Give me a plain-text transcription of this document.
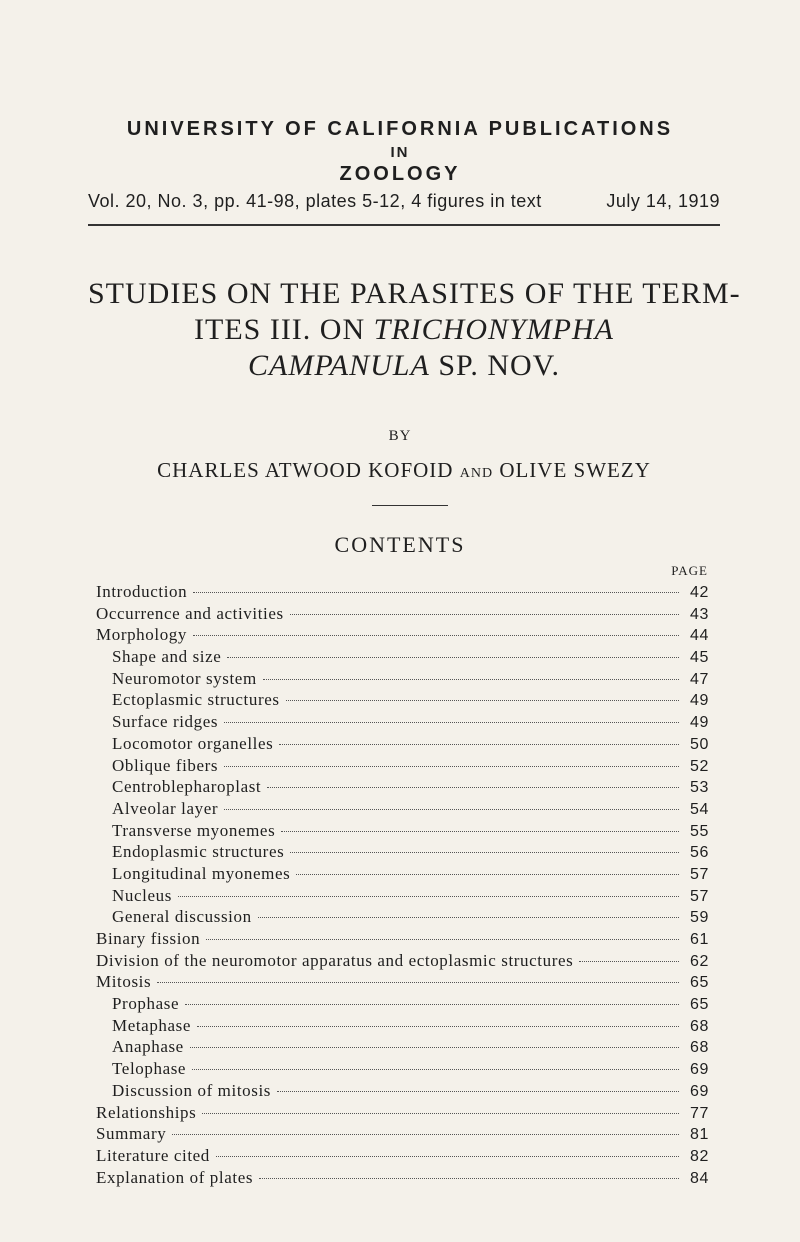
UNIVERSITY OF CALIFORNIA PUBLICATIONS
IN
ZOOLOGY
Vol. 20, No. 3, pp. 41-98, plates 5-12, 4 figures in text	July 14, 1919
STUDIES ON THE PARASITES OF THE TERM-
ITES III. ON TRICHONYMPHA
CAMPANULA SP. NOV.
BY
CHARLES ATWOOD KOFOID AND OLIVE SWEZY
CONTENTS
PAGE
Introduction	42
Occurrence and activities	43
Morphology	44
Shape and size	45
Neuromotor system	47
Ectoplasmic structures	49
Surface ridges	49
Locomotor organelles	50
Oblique fibers	52
Centroblepharoplast	53
Alveolar layer	54
Transverse myonemes	55
Endoplasmic structures	56
Longitudinal myonemes	57
Nucleus	57
General discussion	59
Binary fission	61
Division of the neuromotor apparatus and ectoplasmic structures	62
Mitosis	65
Prophase	65
Metaphase	68
Anaphase	68
Telophase	69
Discussion of mitosis	69
Relationships	77
Summary	81
Literature cited	82
Explanation of plates	84
